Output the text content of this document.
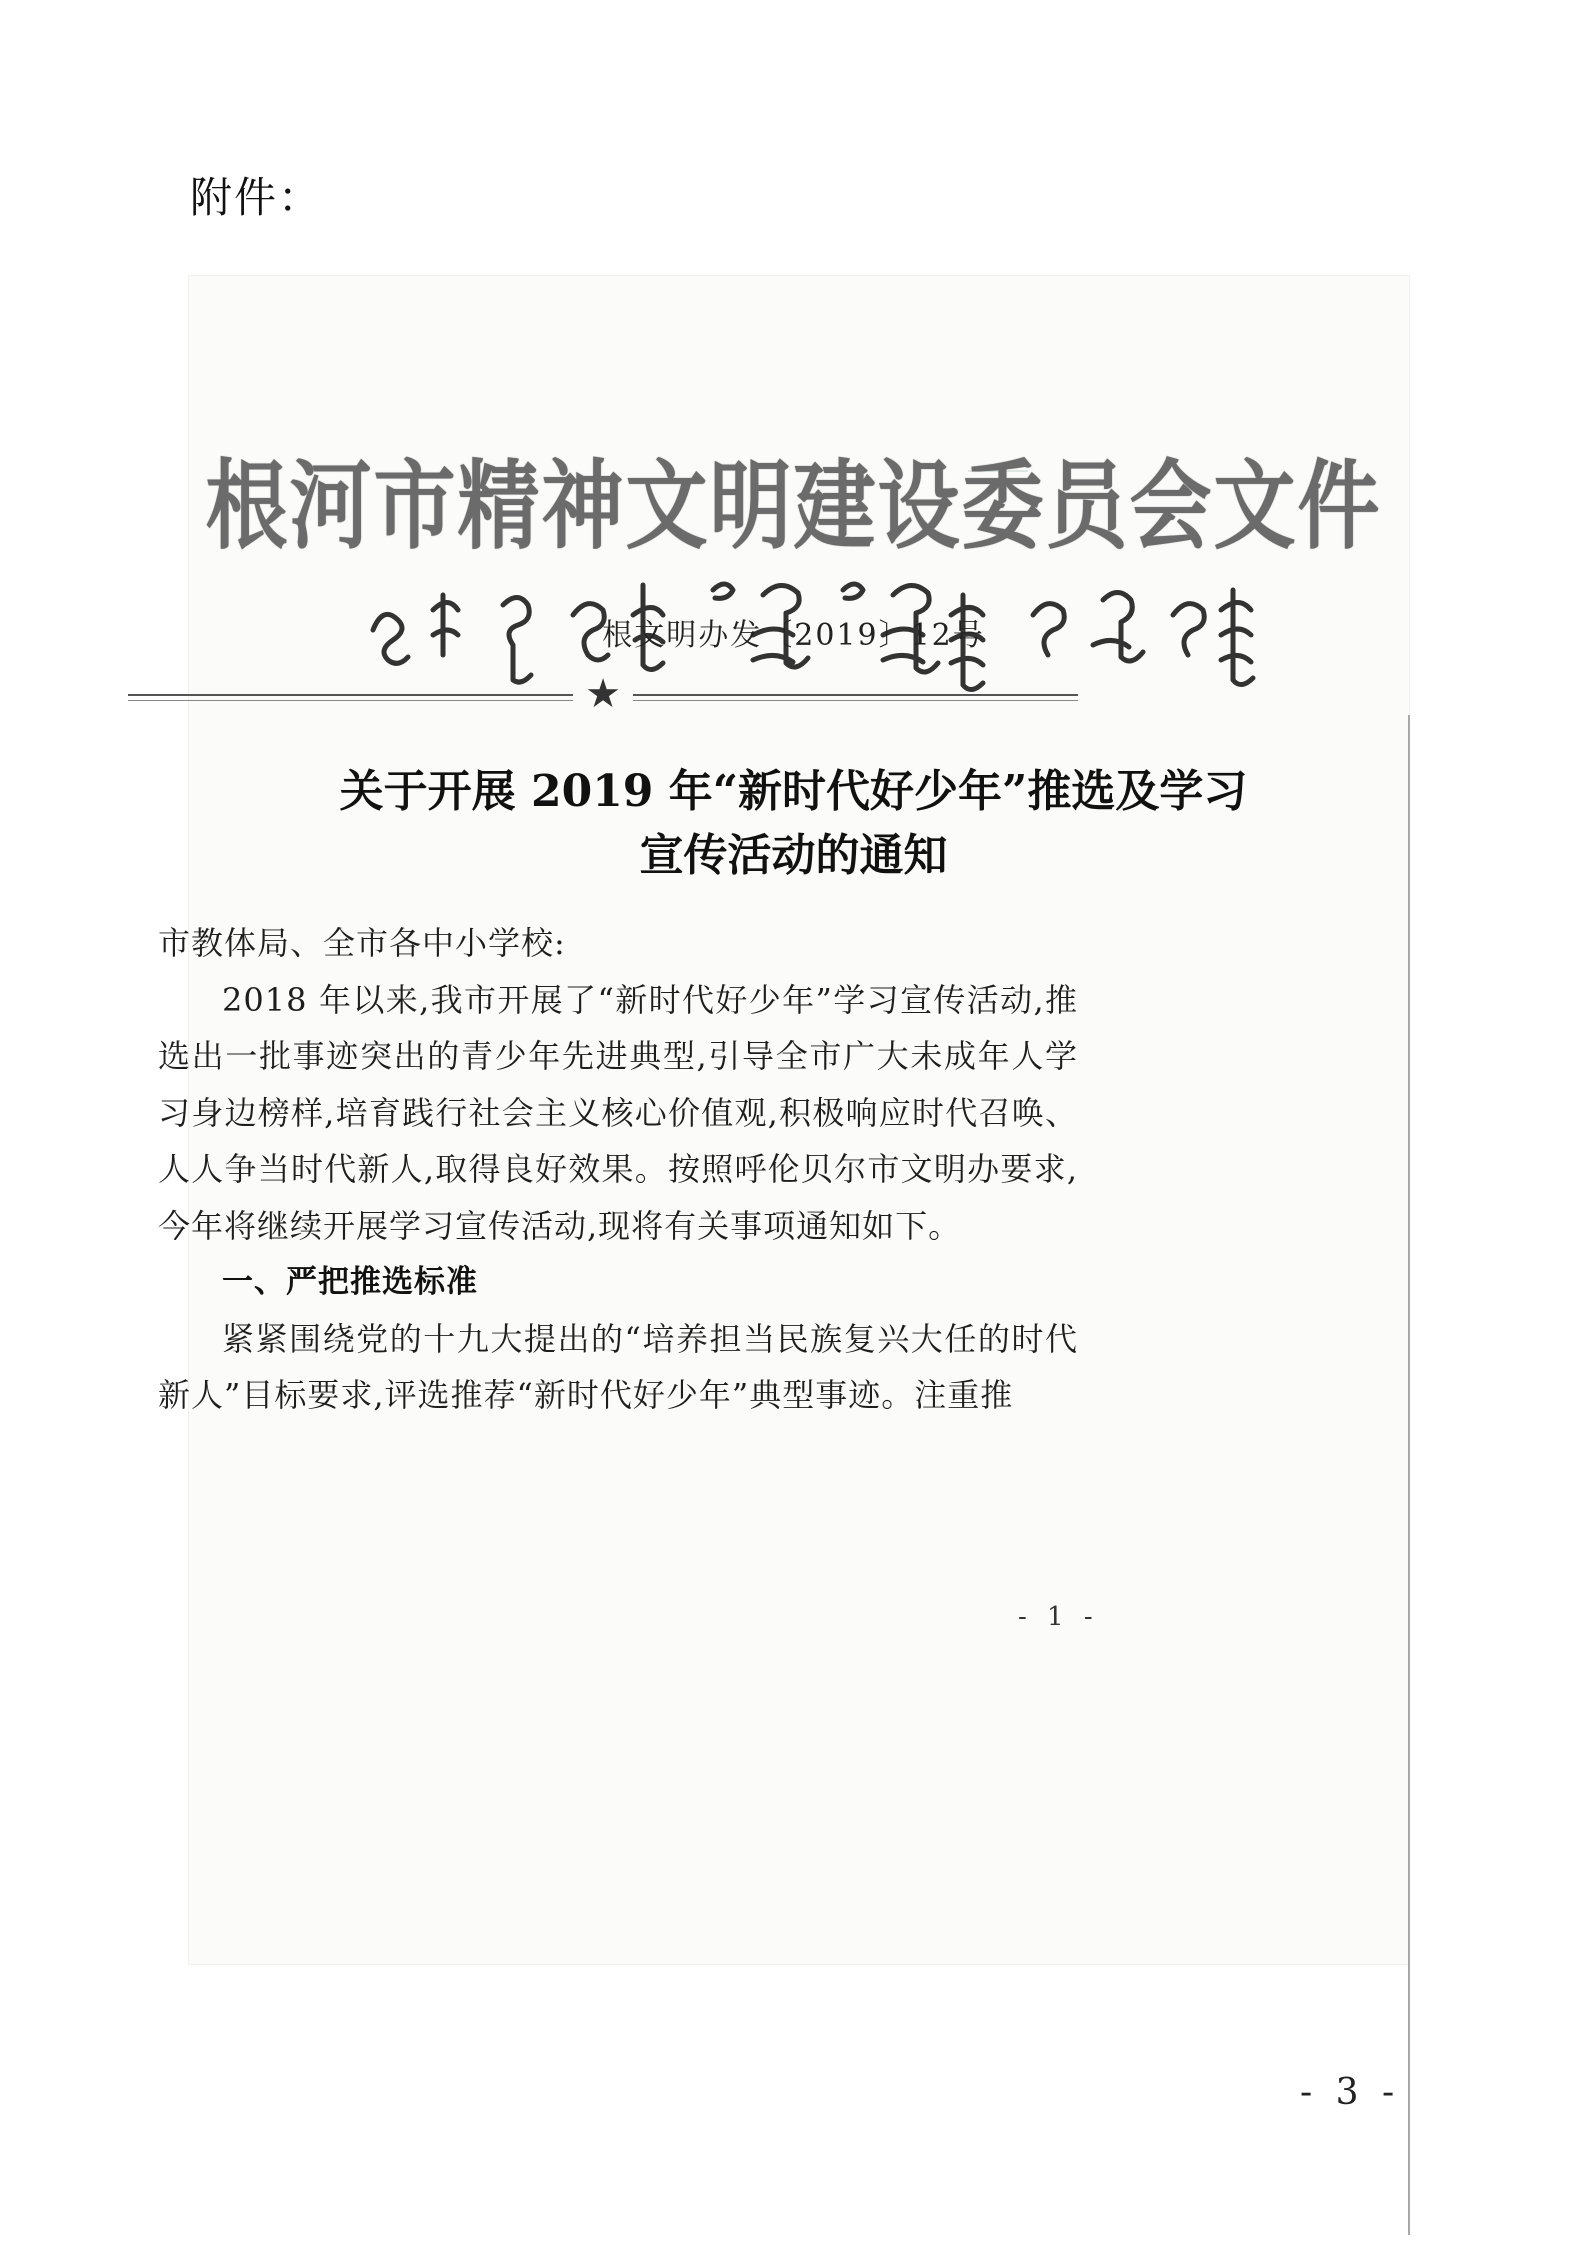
附件：
根河市精神文明建设委员会文件
根文明办发〔2019〕12号
★
关于开展 2019 年“新时代好少年”推选及学习
宣传活动的通知

市教体局、全市各中小学校:

2018 年以来,我市开展了“新时代好少年”学习宣传活动,推选出一批事迹突出的青少年先进典型,引导全市广大未成年人学习身边榜样,培育践行社会主义核心价值观,积极响应时代召唤、人人争当时代新人,取得良好效果。按照呼伦贝尔市文明办要求,今年将继续开展学习宣传活动,现将有关事项通知如下。

一、严把推选标准

紧紧围绕党的十九大提出的“培养担当民族复兴大任的时代新人”目标要求,评选推荐“新时代好少年”典型事迹。注重推

- 1 -
- 3 -
